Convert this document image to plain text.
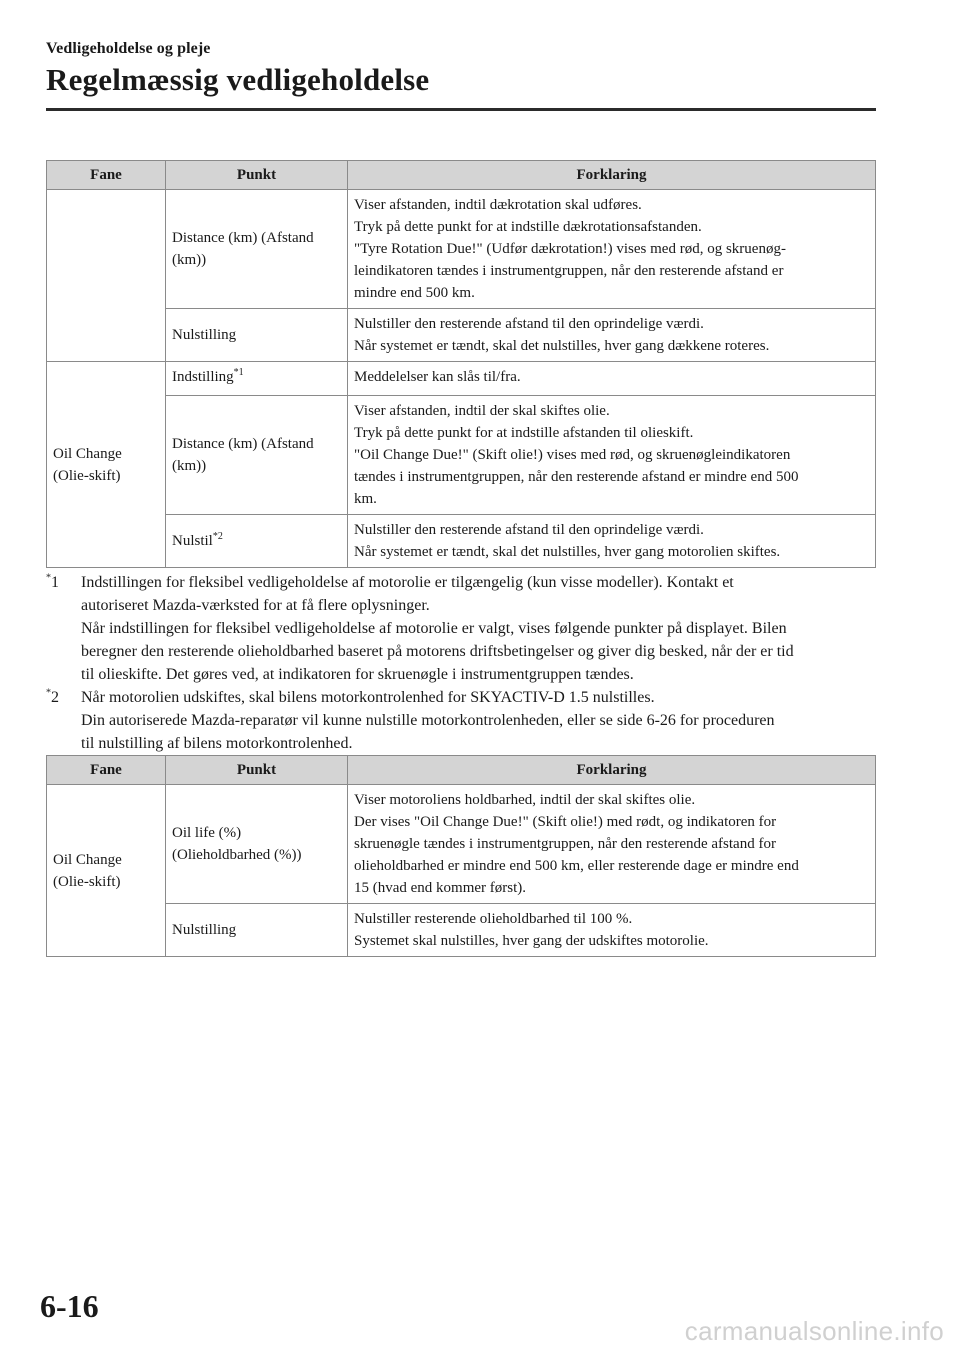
Vedligeholdelse og pleje

Regelmæssig vedligeholdelse
Fane	Punkt	Forklaring
	Distance (km) (Afstand (km))	Viser afstanden, indtil dækrotation skal udføres.
Tryk på dette punkt for at indstille dækrotationsafstanden.
"Tyre Rotation Due!" (Udfør dækrotation!) vises med rød, og skruenøg-
leindikatoren tændes i instrumentgruppen, når den resterende afstand er
mindre end 500 km.

	Nulstilling	Nulstiller den resterende afstand til den oprindelige værdi.
Når systemet er tændt, skal det nulstilles, hver gang dækkene roteres.

Oil Change (Olie-skift)	Indstilling$^{*1}$	Meddelelser kan slås til/fra.

	Distance (km) (Afstand (km))	Viser afstanden, indtil der skal skiftes olie.
Tryk på dette punkt for at indstille afstanden til olieskift.
"Oil Change Due!" (Skift olie!) vises med rød, og skruenøgleindikatoren
tændes i instrumentgruppen, når den resterende afstand er mindre end 500
km.

	Nulstil$^{*2}$	Nulstiller den resterende afstand til den oprindelige værdi.
Når systemet er tændt, skal det nulstilles, hver gang motorolien skiftes.
*1 Indstillingen for fleksibel vedligeholdelse af motorolie er tilgængelig (kun visse modeller). Kontakt et
autoriseret Mazda-værksted for at få flere oplysninger.
Når indstillingen for fleksibel vedligeholdelse af motorolie er valgt, vises følgende punkter på displayet. Bilen
beregner den resterende olieholdbarhed baseret på motorens driftsbetingelser og giver dig besked, når der er tid
til olieskifte. Det gøres ved, at indikatoren for skruenøgle i instrumentgruppen tændes.

*2 Når motorolien udskiftes, skal bilens motorkontrolenhed for SKYACTIV-D 1.5 nulstilles.
Din autoriserede Mazda-reparatør vil kunne nulstille motorkontrolenheden, eller se side 6-26 for proceduren
til nulstilling af bilens motorkontrolenhed.

Fane	Punkt	Forklaring
Oil Change (Olie-skift)	Oil life (%) (Olieholdbarhed (%))	Viser motoroliens holdbarhed, indtil der skal skiftes olie.
Der vises "Oil Change Due!" (Skift olie!) med rødt, og indikatoren for
skruenøgle tændes i instrumentgruppen, når den resterende afstand for
olieholdbarhed er mindre end 500 km, eller resterende dage er mindre end
15 (hvad end kommer først).

	Nulstilling	Nulstiller resterende olieholdbarhed til 100 %.
Systemet skal nulstilles, hver gang der udskiftes motorolie.
6-16
carmanualsonline.info
